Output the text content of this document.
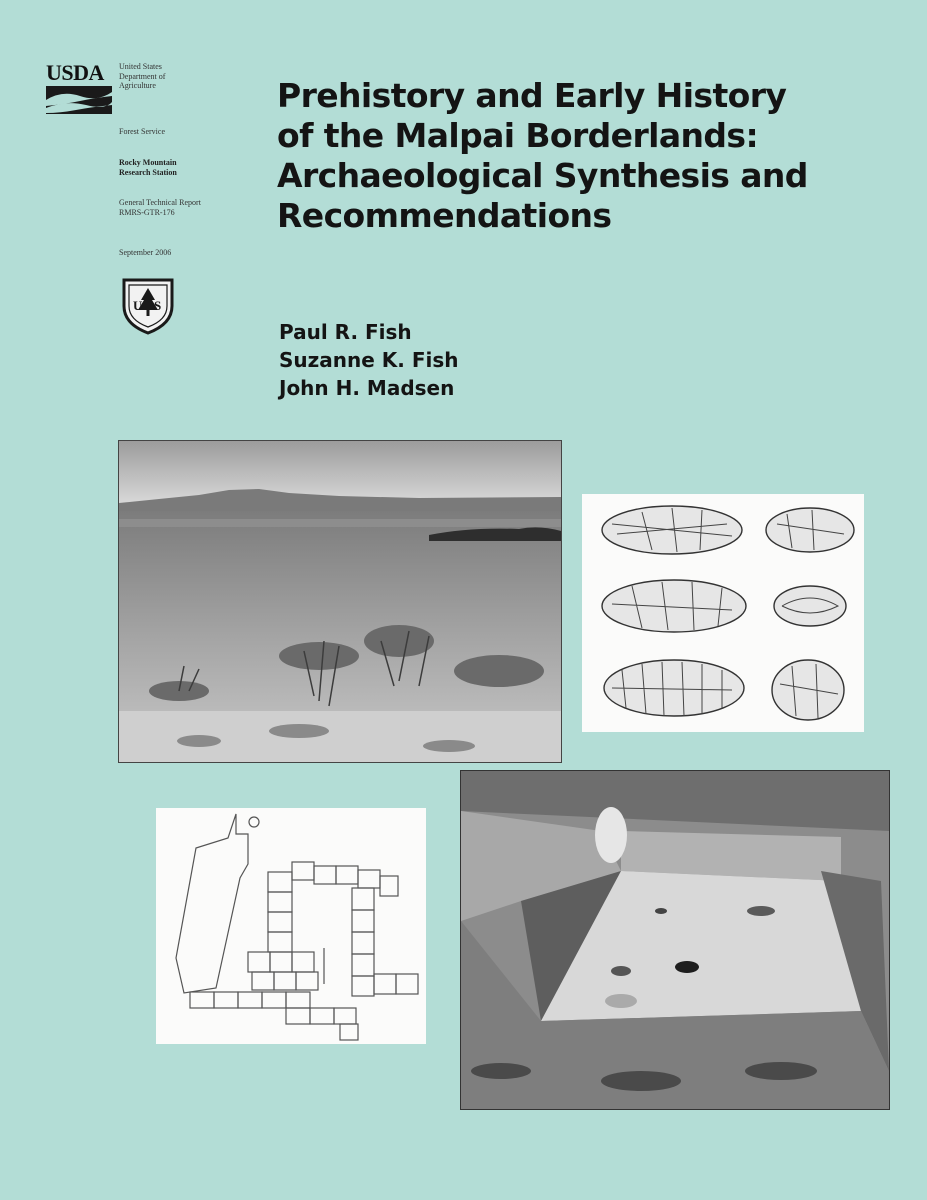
USDA	United States
Department of
Agriculture
Forest Service
Rocky Mountain
Research Station
General Technical Report
RMRS-GTR-176
September 2006
U S
Prehistory and Early History
of the Malpai Borderlands:
Archaeological Synthesis and
Recommendations
Paul R. Fish
Suzanne K. Fish
John H. Madsen
